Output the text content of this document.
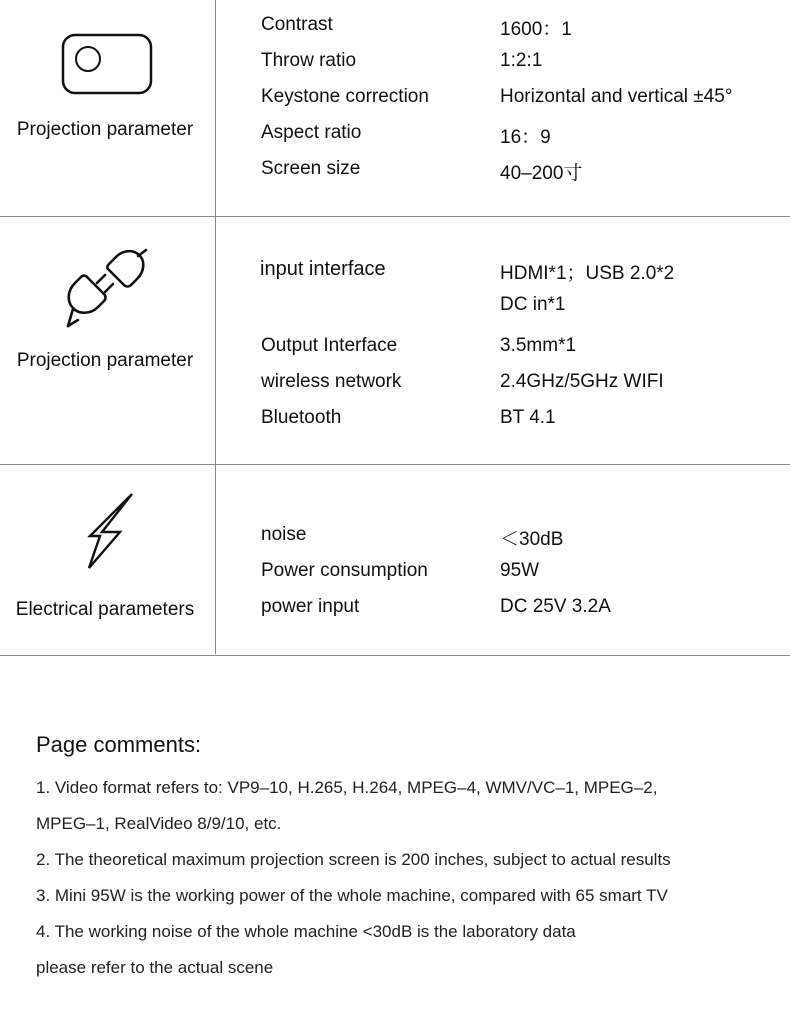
Projection parameter
Contrast	1600：1
Throw ratio	1:2:1
Keystone correction	Horizontal and vertical ±45°
Aspect ratio	16：9
Screen size	40–200寸
Projection parameter
input interface	HDMI*1；USB 2.0*2
DC in*1
Output Interface	3.5mm*1
wireless network	2.4GHz/5GHz WIFI
Bluetooth	BT 4.1
Electrical parameters
noise	＜30dB
Power consumption	95W
power input	DC 25V 3.2A
Page comments:
1. Video format refers to: VP9–10, H.265, H.264, MPEG–4, WMV/VC–1, MPEG–2,
MPEG–1, RealVideo 8/9/10, etc.
2. The theoretical maximum projection screen is 200 inches, subject to actual results
3. Mini 95W is the working power of the whole machine, compared with 65 smart TV
4. The working noise of the whole machine <30dB is the laboratory data
please refer to the actual scene
